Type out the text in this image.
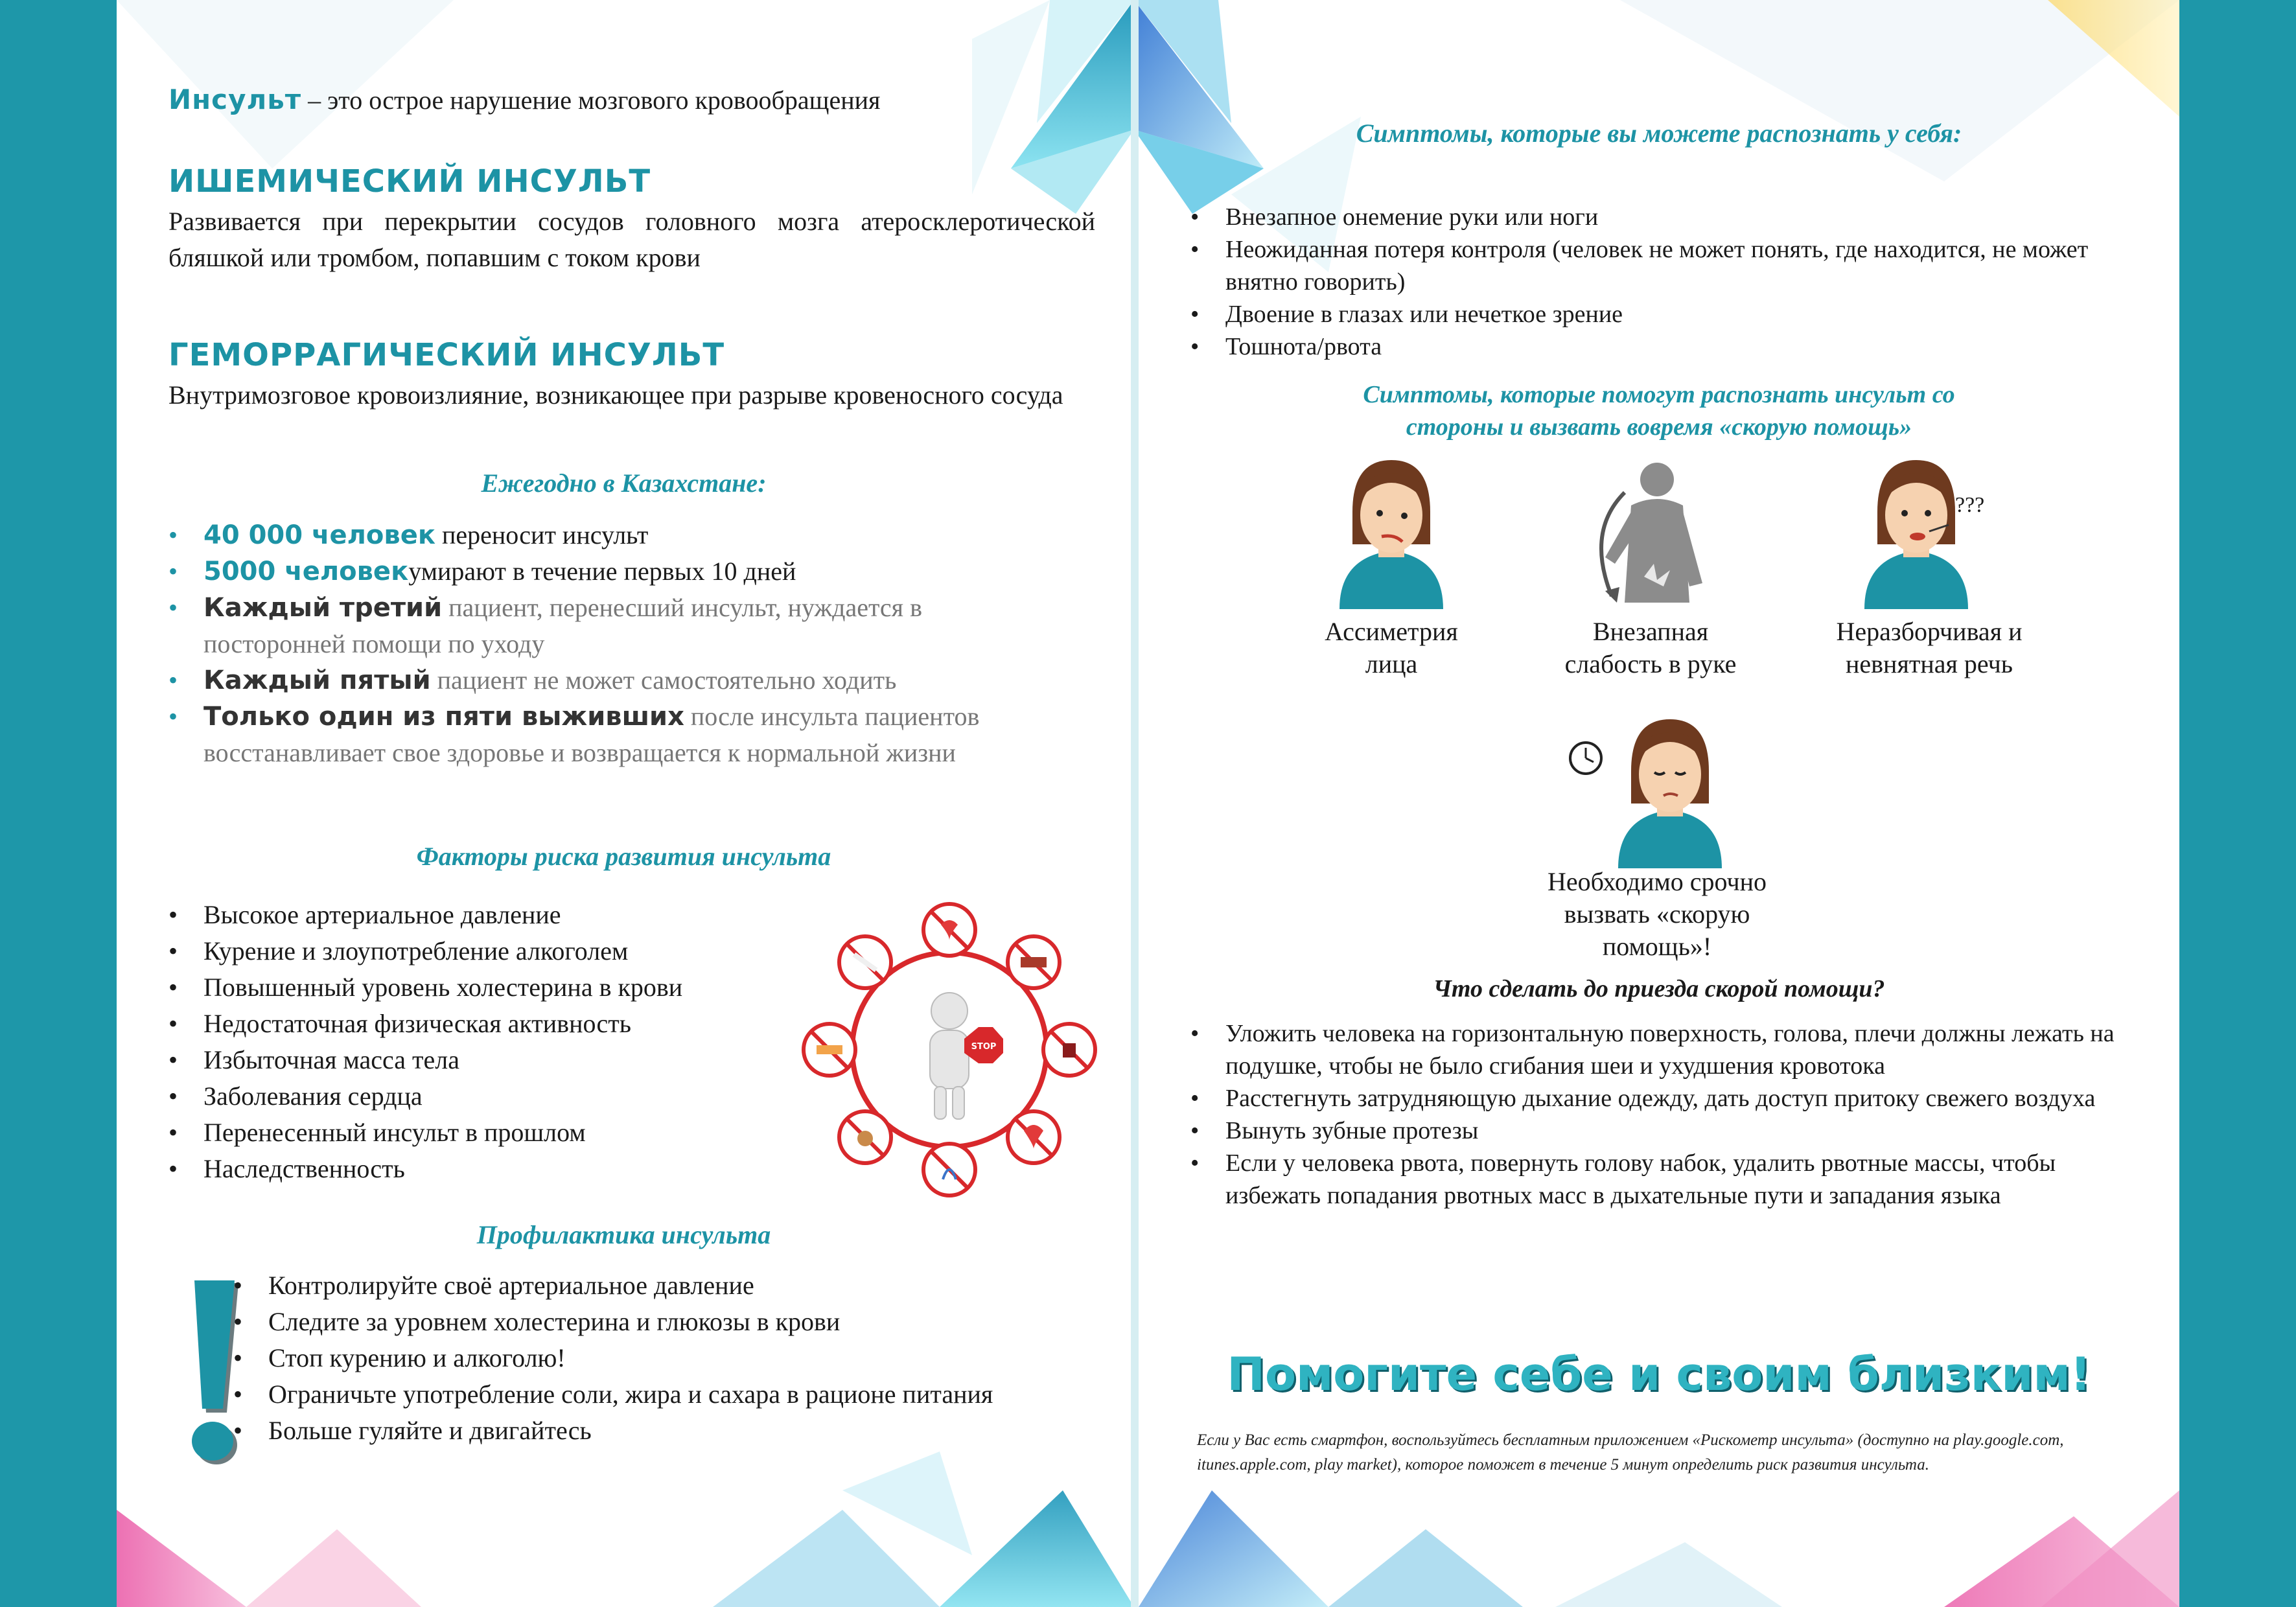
Инсульт – это острое нарушение мозгового кровообращения
ИШЕМИЧЕСКИЙ ИНСУЛЬТ
Развивается при перекрытии сосудов головного мозга атеросклеротической бляшкой или тромбом, попавшим с током крови
ГЕМОРРАГИЧЕСКИЙ ИНСУЛЬТ
Внутримозговое кровоизлияние, возникающее при разрыве кровеносного сосуда
Ежегодно в Казахстане:
• 40 000 человек переносит инсульт
• 5000 человекумирают в течение первых 10 дней
• Каждый третий пациент, перенесший инсульт, нуждается в посторонней помощи по уходу
• Каждый пятый пациент не может самостоятельно ходить
• Только один из пяти выживших после инсульта пациентов восстанавливает свое здоровье и возвращается к нормальной жизни
Факторы риска развития инсульта
• Высокое артериальное давление
• Курение и злоупотребление алкоголем
• Повышенный уровень холестерина в крови
• Недостаточная физическая активность
• Избыточная масса тела
• Заболевания сердца
• Перенесенный инсульт в прошлом
• Наследственность
STOP
Профилактика инсульта
• Контролируйте своё артериальное давление
• Следите за уровнем холестерина и глюкозы в крови
• Стоп курению и алкоголю!
• Ограничьте употребление соли, жира и сахара в рационе питания
• Больше гуляйте и двигайтесь
Симптомы, которые вы можете распознать у себя:
• Внезапное онемение руки или ноги
• Неожиданная потеря контроля (человек не может понять, где находится, не может внятно говорить)
• Двоение в глазах или нечеткое зрение
• Тошнота/рвота
Симптомы, которые помогут распознать инсульт со
стороны и вызвать вовремя «скорую помощь»
Ассиметрия
лица
Внезапная
слабость в руке
???
Неразборчивая и
невнятная речь
Необходимо срочно
вызвать «скорую
помощь»!
Что сделать до приезда скорой помощи?
• Уложить человека на горизонтальную поверхность, голова, плечи должны лежать на подушке, чтобы не было сгибания шеи и ухудшения кровотока
• Расстегнуть затрудняющую дыхание одежду, дать доступ притоку свежего воздуха
• Вынуть зубные протезы
• Если у человека рвота, повернуть голову набок, удалить рвотные массы, чтобы избежать попадания рвотных масс в дыхательные пути и западания языка
Помогите себе и своим близким!
Если у Вас есть смартфон, воспользуйтесь бесплатным приложением «Рискометр инсульта» (доступно на play.google.com, itunes.apple.com, play market), которое поможет в течение 5 минут определить риск развития инсульта.
